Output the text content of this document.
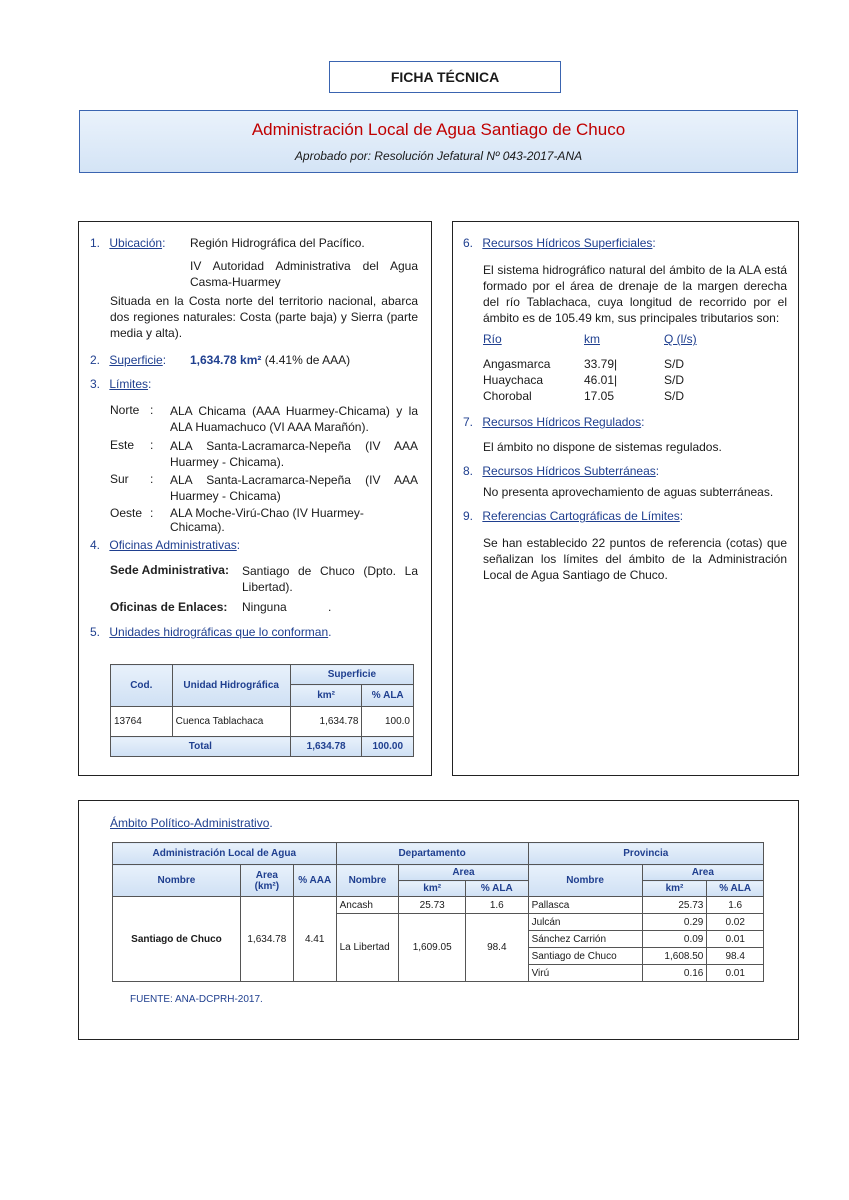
FICHA TÉCNICA
Administración Local de Agua Santiago de Chuco
Aprobado por: Resolución Jefatural Nº 043-2017-ANA
1. Ubicación: Región Hidrográfica del Pacífico.
IV Autoridad Administrativa del Agua Casma-Huarmey
Situada en la Costa norte del territorio nacional, abarca dos regiones naturales: Costa (parte baja) y Sierra (parte media y alta).
2. Superficie: 1,634.78 km² (4.41% de AAA)
3. Límites:
Norte : ALA Chicama (AAA Huarmey-Chicama) y la ALA Huamachuco (VI AAA Marañón).
Este : ALA Santa-Lacramarca-Nepeña (IV AAA Huarmey - Chicama).
Sur : ALA Santa-Lacramarca-Nepeña (IV AAA Huarmey - Chicama)
Oeste : ALA Moche-Virú-Chao (IV Huarmey-Chicama).
4. Oficinas Administrativas:
Sede Administrativa: Santiago de Chuco (Dpto. La Libertad).
Oficinas de Enlaces: Ninguna	.
5. Unidades hidrográficas que lo conforman.
Cod.	Unidad Hidrográfica	Superficie	
		km²	% ALA
13764	Cuenca Tablachaca	1,634.78	100.0
Total		1,634.78	100.00
6. Recursos Hídricos Superficiales:
El sistema hidrográfico natural del ámbito de la ALA está formado por el área de drenaje de la margen derecha del río Tablachaca, cuya longitud de recorrido por el ámbito es de 105.49 km, sus principales tributarios son:
Río	km	Q (l/s)
Angasmarca	33.79|	S/D
Huaychaca	46.01|	S/D
Chorobal	17.05	S/D
7. Recursos Hídricos Regulados:
El ámbito no dispone de sistemas regulados.
8. Recursos Hídricos Subterráneas:
No presenta aprovechamiento de aguas subterráneas.
9. Referencias Cartográficas de Límites:
Se han establecido 22 puntos de referencia (cotas) que señalizan los límites del ámbito de la Administración Local de Agua Santiago de Chuco.
Ámbito Político-Administrativo.
Administración Local de Agua			Departamento			Provincia		
Nombre	Area (km²)	% AAA	Nombre	Area		Nombre	Area	
				km²	% ALA		km²	% ALA
Santiago de Chuco	1,634.78	4.41	Ancash	25.73	1.6	Pallasca	25.73	1.6
			La Libertad	1,609.05	98.4	Julcán	0.29	0.02
						Sánchez Carrión	0.09	0.01
						Santiago de Chuco	1,608.50	98.4
						Virú	0.16	0.01
FUENTE: ANA-DCPRH-2017.
